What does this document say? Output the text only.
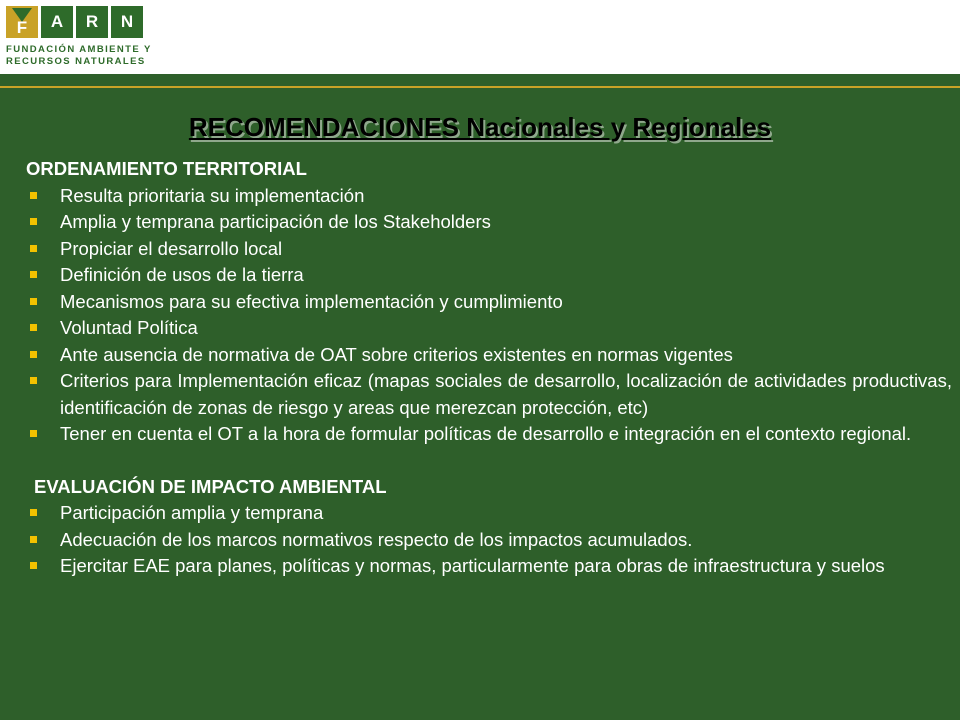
F	A	R	N
FUNDACIÓN AMBIENTE Y
RECURSOS NATURALES
RECOMENDACIONES Nacionales y Regionales

ORDENAMIENTO TERRITORIAL

Resulta prioritaria su implementación
Amplia y temprana participación de los Stakeholders
Propiciar el desarrollo local
Definición de usos de la tierra
Mecanismos para su efectiva implementación y cumplimiento
Voluntad Política
Ante ausencia de normativa de OAT sobre criterios existentes en normas vigentes
Criterios para Implementación eficaz (mapas sociales de desarrollo, localización de actividades productivas, identificación de zonas de riesgo y areas que merezcan protección, etc)
Tener en cuenta el OT a la hora de formular políticas de desarrollo e integración en el contexto regional.

EVALUACIÓN DE IMPACTO AMBIENTAL

Participación amplia y temprana
Adecuación de los marcos normativos respecto de los impactos acumulados.
Ejercitar EAE para planes, políticas y normas, particularmente para obras de infraestructura y suelos
